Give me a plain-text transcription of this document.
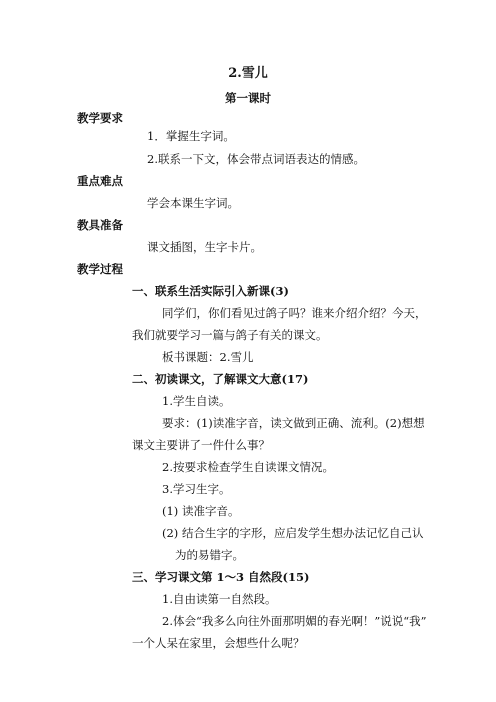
2.雪儿
第一课时
教学要求
1．掌握生字词。
2.联系一下文，体会带点词语表达的情感。
重点难点
学会本课生字词。
教具准备
课文插图，生字卡片。
教学过程
一、联系生活实际引入新课(3)
同学们，你们看见过鸽子吗？谁来介绍介绍？今天，
我们就要学习一篇与鸽子有关的课文。
板书课题：2.雪儿
二、初读课文，了解课文大意(17)
1.学生自读。
要求：(1)读准字音，读文做到正确、流利。(2)想想
课文主要讲了一件什么事？
2.按要求检查学生自读课文情况。
3.学习生字。
(1) 读准字音。
(2) 结合生字的字形，应启发学生想办法记忆自己认
为的易错字。
三、学习课文第 1～3 自然段(15)
1.自由读第一自然段。
2.体会“我多么向往外面那明媚的春光啊！”说说“我”
一个人呆在家里，会想些什么呢？
